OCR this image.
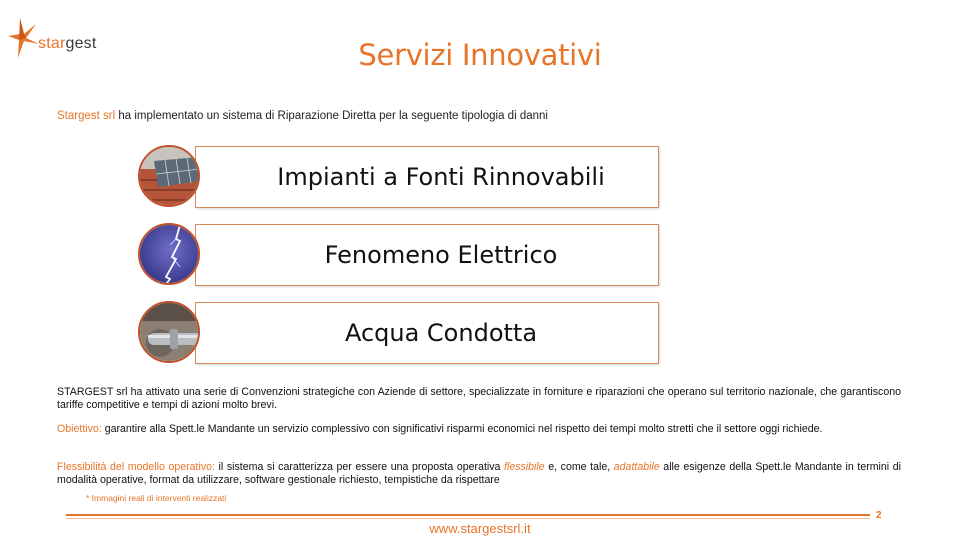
stargest	Servizi Innovativi
Stargest srl ha implementato un sistema di Riparazione Diretta per la seguente tipologia di danni
Impianti a Fonti Rinnovabili
Fenomeno Elettrico
Acqua Condotta
STARGEST srl ha attivato una serie di Convenzioni strategiche con Aziende di settore, specializzate in forniture e riparazioni che operano sul territorio nazionale, che garantiscono tariffe competitive e tempi di azioni molto brevi.
Obiettivo: garantire alla Spett.le Mandante un servizio complessivo con significativi risparmi economici nel rispetto dei tempi molto stretti che il settore oggi richiede.
Flessibilità del modello operativo: il sistema si caratterizza per essere una proposta operativa flessibile e, come tale, adattabile alle esigenze della Spett.le Mandante in termini di modalità operative, format da utilizzare, software gestionale richiesto, tempistiche da rispettare
* Immagini reali di interventi realizzati
2
www.stargestsrl.it
